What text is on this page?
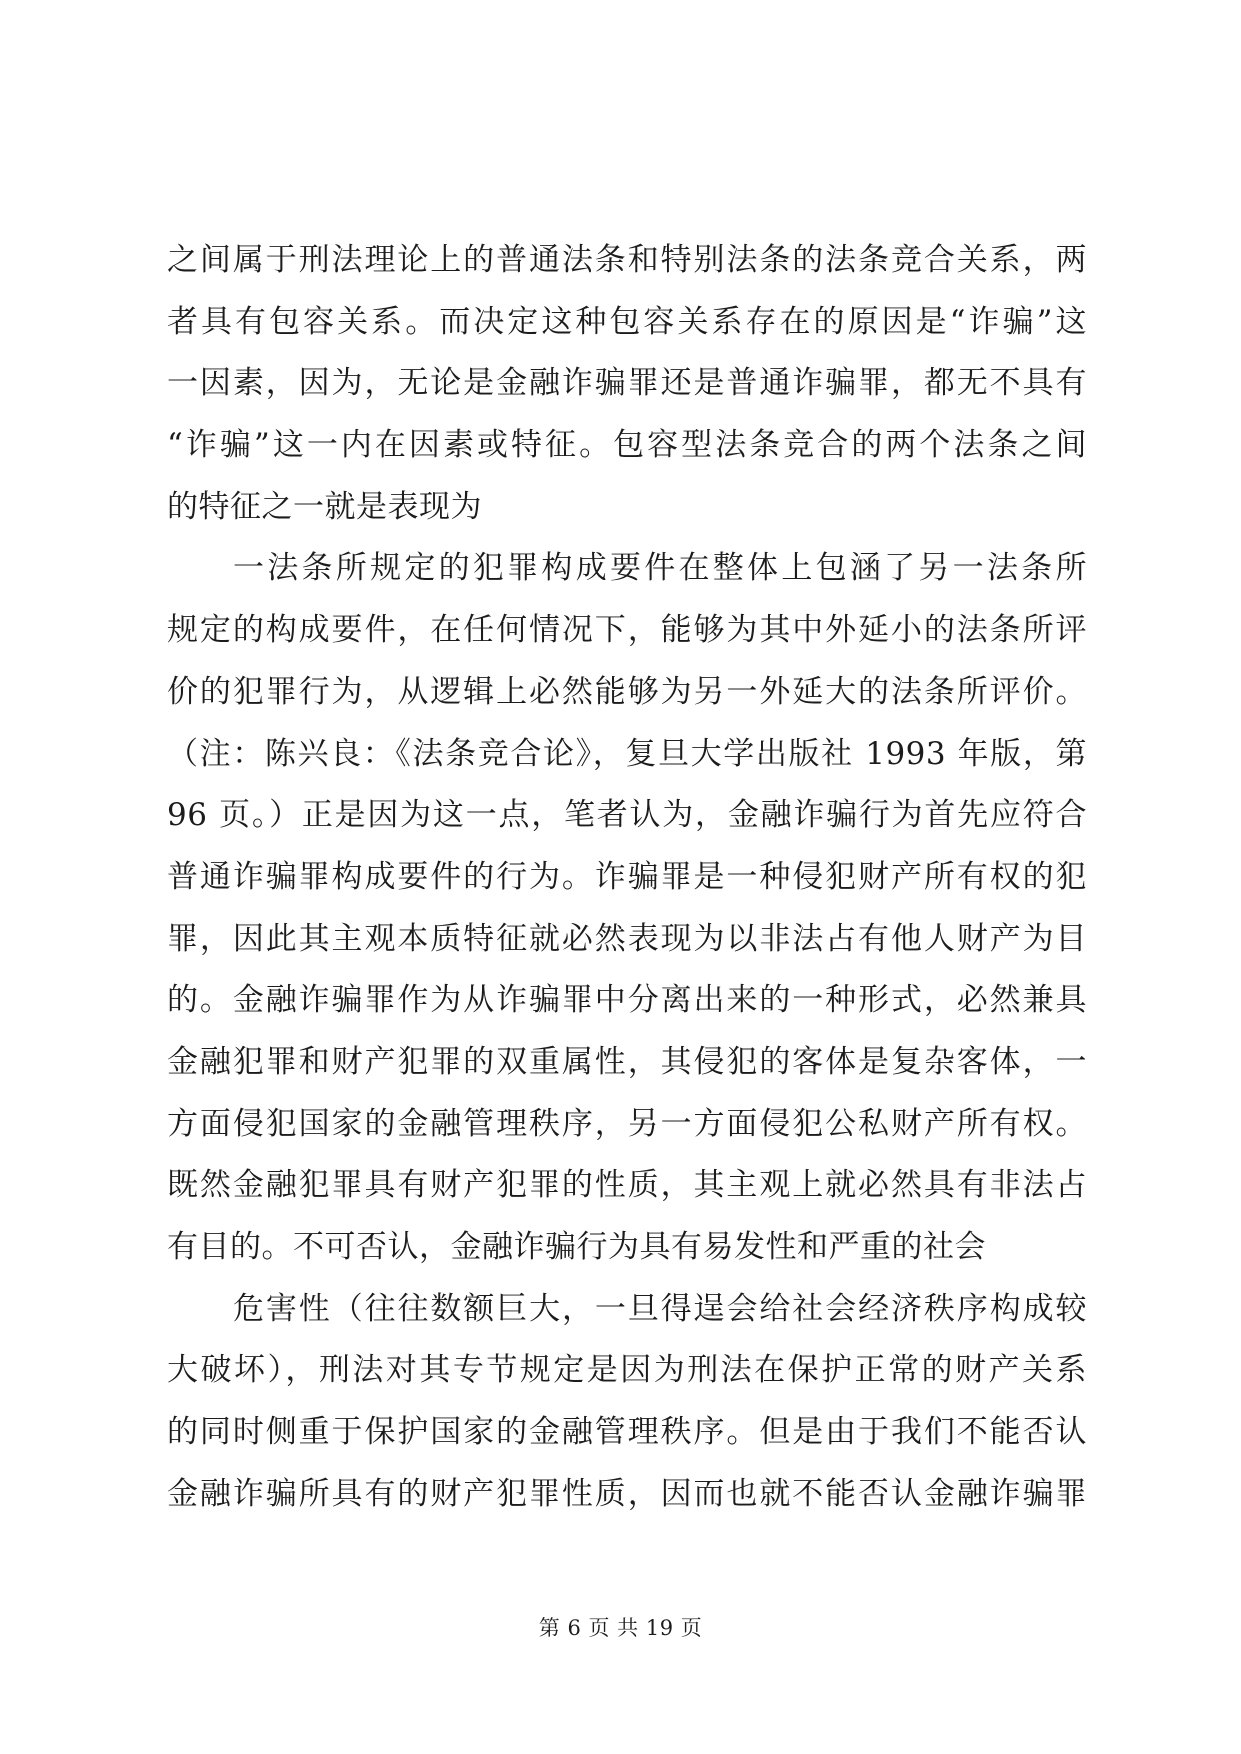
之间属于刑法理论上的普通法条和特别法条的法条竞合关系，两
者具有包容关系。而决定这种包容关系存在的原因是“诈骗”这
一因素，因为，无论是金融诈骗罪还是普通诈骗罪，都无不具有
“诈骗”这一内在因素或特征。包容型法条竞合的两个法条之间
的特征之一就是表现为
一法条所规定的犯罪构成要件在整体上包涵了另一法条所
规定的构成要件，在任何情况下，能够为其中外延小的法条所评
价的犯罪行为，从逻辑上必然能够为另一外延大的法条所评价。
（注：陈兴良：《法条竞合论》，复旦大学出版社 1993 年版，第
96 页。）正是因为这一点，笔者认为，金融诈骗行为首先应符合
普通诈骗罪构成要件的行为。诈骗罪是一种侵犯财产所有权的犯
罪，因此其主观本质特征就必然表现为以非法占有他人财产为目
的。金融诈骗罪作为从诈骗罪中分离出来的一种形式，必然兼具
金融犯罪和财产犯罪的双重属性，其侵犯的客体是复杂客体，一
方面侵犯国家的金融管理秩序，另一方面侵犯公私财产所有权。
既然金融犯罪具有财产犯罪的性质，其主观上就必然具有非法占
有目的。不可否认，金融诈骗行为具有易发性和严重的社会
危害性（往往数额巨大，一旦得逞会给社会经济秩序构成较
大破坏），刑法对其专节规定是因为刑法在保护正常的财产关系
的同时侧重于保护国家的金融管理秩序。但是由于我们不能否认
金融诈骗所具有的财产犯罪性质，因而也就不能否认金融诈骗罪
第 6 页 共 19 页
